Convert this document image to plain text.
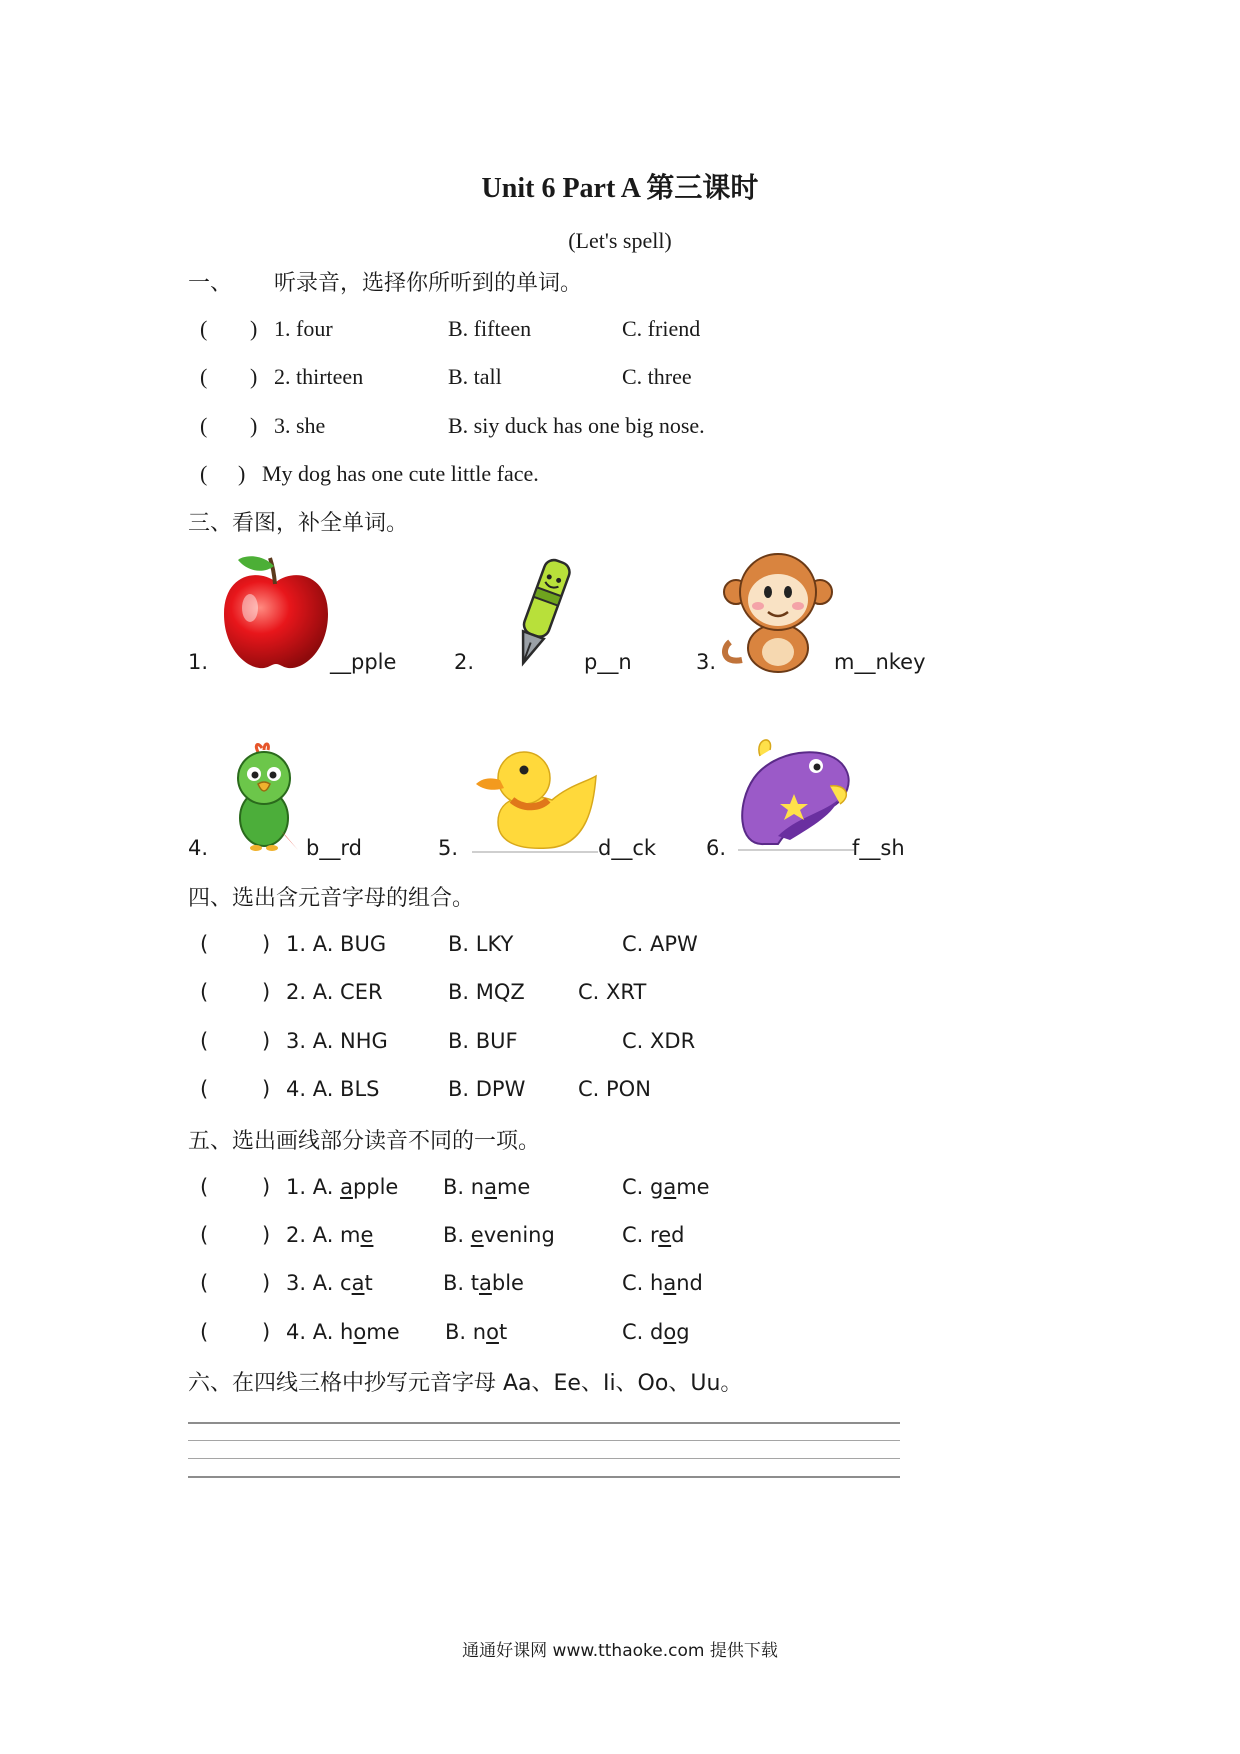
Unit 6 Part A 第三课时
(Let's spell)
一、 听录音，选择你所听到的单词。
( ) 1. four	B. fifteen	C. friend
( ) 2. thirteen	B. tall	C. three
( ) 3. she	B. siy duck has one big nose.
( ) My dog has one cute little face.
三、看图，补全单词。
1.	__pple	2.	p__n	3.	m__nkey
4.	b__rd	5.	d__ck 6.	f__sh
四、选出含元音字母的组合。
(	) 1. A. BUG	B. LKY	C. APW
(	) 2. A. CER	B. MQZ	C. XRT
(	) 3. A. NHG	B. BUF	C. XDR
(	) 4. A. BLS	B. DPW	C. PON
五、选出画线部分读音不同的一项。
(	) 1. A. apple B. name	C. game
(	) 2. A. me	B. evening	C. red
(	) 3. A. cat	B. table	C. hand
(	) 4. A. home B. not	C. dog
六、在四线三格中抄写元音字母 Aa、Ee、Ii、Oo、Uu。
通通好课网 www.tthaoke.com 提供下载
